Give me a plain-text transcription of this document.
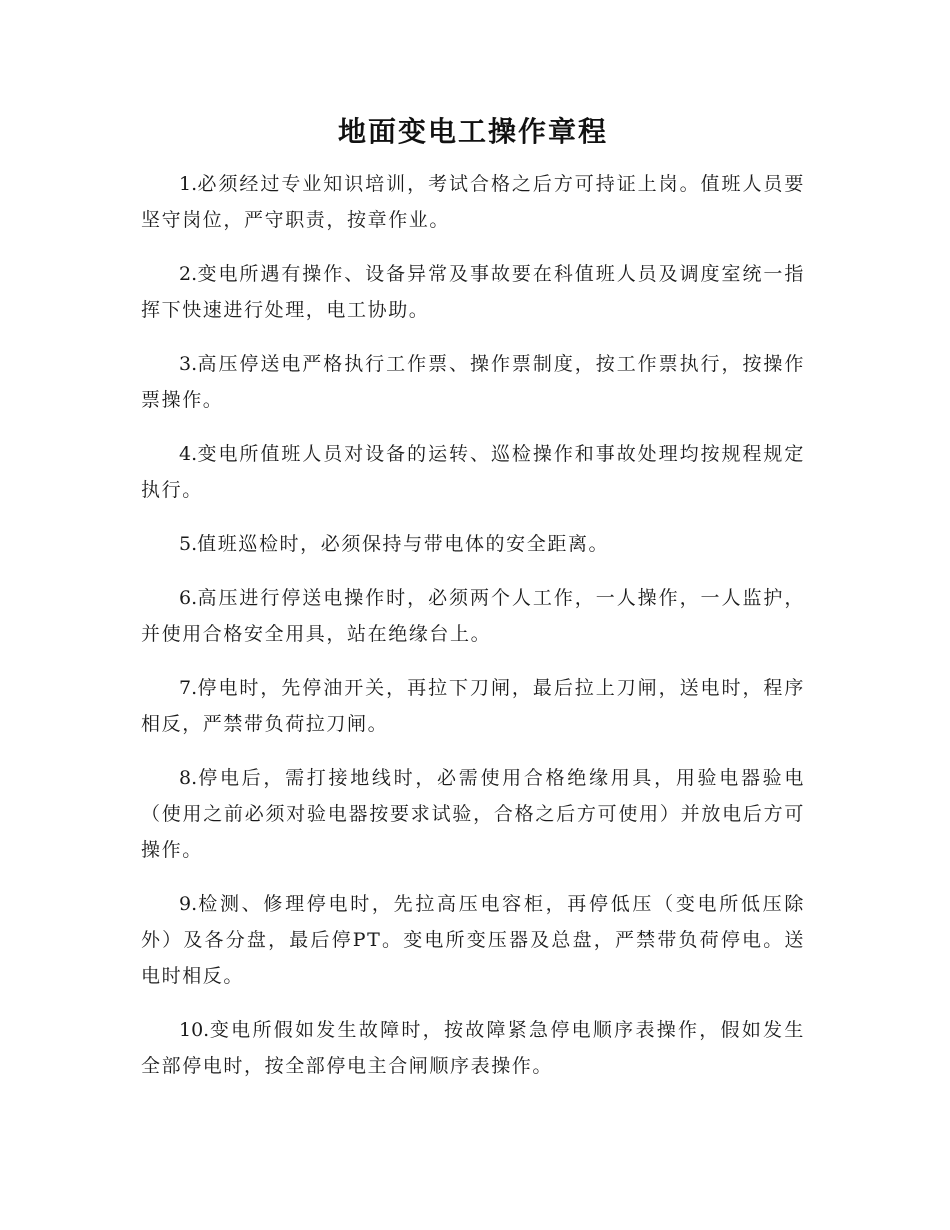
地面变电工操作章程

1.必须经过专业知识培训，考试合格之后方可持证上岗。值班人员要坚守岗位，严守职责，按章作业。

2.变电所遇有操作、设备异常及事故要在科值班人员及调度室统一指挥下快速进行处理，电工协助。

3.高压停送电严格执行工作票、操作票制度，按工作票执行，按操作票操作。

4.变电所值班人员对设备的运转、巡检操作和事故处理均按规程规定执行。

5.值班巡检时，必须保持与带电体的安全距离。

6.高压进行停送电操作时，必须两个人工作，一人操作，一人监护，并使用合格安全用具，站在绝缘台上。

7.停电时，先停油开关，再拉下刀闸，最后拉上刀闸，送电时，程序相反，严禁带负荷拉刀闸。

8.停电后，需打接地线时，必需使用合格绝缘用具，用验电器验电（使用之前必须对验电器按要求试验，合格之后方可使用）并放电后方可操作。

9.检测、修理停电时，先拉高压电容柜，再停低压（变电所低压除外）及各分盘，最后停PT。变电所变压器及总盘，严禁带负荷停电。送电时相反。

10.变电所假如发生故障时，按故障紧急停电顺序表操作，假如发生全部停电时，按全部停电主合闸顺序表操作。
